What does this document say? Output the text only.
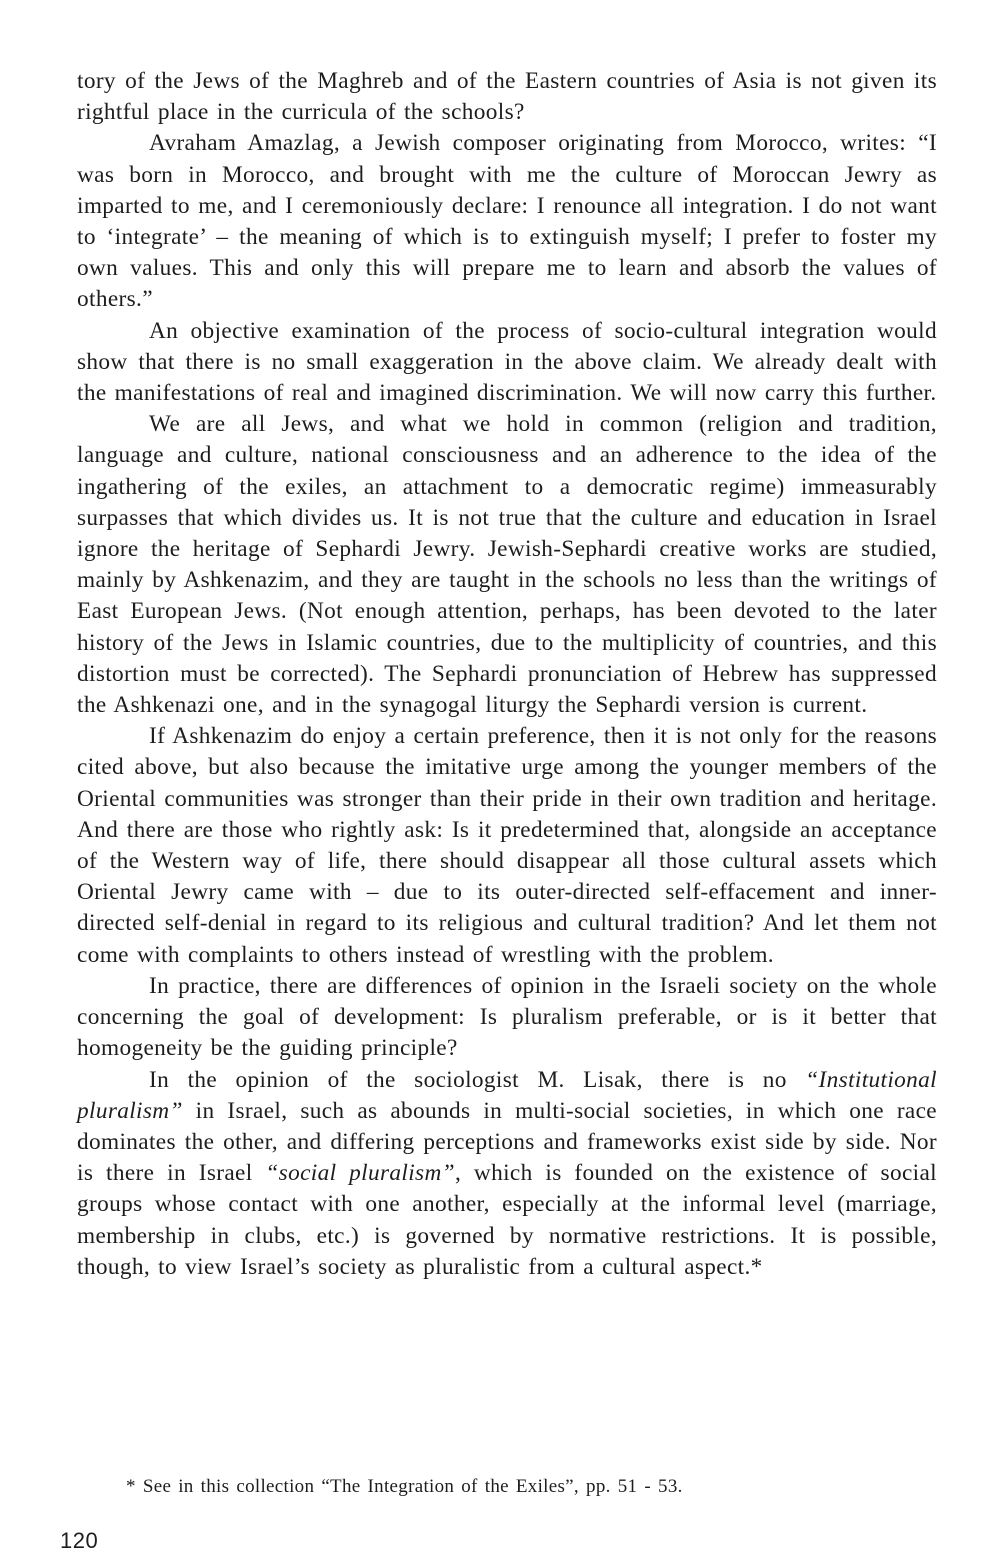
tory of the Jews of the Maghreb and of the Eastern countries of Asia is not given its rightful place in the curricula of the schools?

Avraham Amazlag, a Jewish composer originating from Morocco, writes: “I was born in Morocco, and brought with me the culture of Moroccan Jewry as imparted to me, and I ceremoniously declare: I renounce all integration. I do not want to ‘integrate’ – the meaning of which is to extinguish myself; I prefer to foster my own values. This and only this will prepare me to learn and absorb the values of others.”

An objective examination of the process of socio-cultural integration would show that there is no small exaggeration in the above claim. We already dealt with the manifestations of real and imagined discrimination. We will now carry this further.

We are all Jews, and what we hold in common (religion and tradition, language and culture, national consciousness and an adherence to the idea of the ingathering of the exiles, an attachment to a democratic regime) immeasurably surpasses that which divides us. It is not true that the culture and education in Israel ignore the heritage of Sephardi Jewry. Jewish-Sephardi creative works are studied, mainly by Ashkenazim, and they are taught in the schools no less than the writings of East European Jews. (Not enough attention, perhaps, has been devoted to the later history of the Jews in Islamic countries, due to the multiplicity of countries, and this distortion must be corrected). The Sephardi pronunciation of Hebrew has suppressed the Ashkenazi one, and in the synagogal liturgy the Sephardi version is current.

If Ashkenazim do enjoy a certain preference, then it is not only for the reasons cited above, but also because the imitative urge among the younger members of the Oriental communities was stronger than their pride in their own tradition and heritage. And there are those who rightly ask: Is it predetermined that, alongside an acceptance of the Western way of life, there should disappear all those cultural assets which Oriental Jewry came with – due to its outer-directed self-effacement and inner-directed self-denial in regard to its religious and cultural tradition? And let them not come with complaints to others instead of wrestling with the problem.

In practice, there are differences of opinion in the Israeli society on the whole concerning the goal of development: Is pluralism preferable, or is it better that homogeneity be the guiding principle?

In the opinion of the sociologist M. Lisak, there is no “Institutional pluralism” in Israel, such as abounds in multi-social societies, in which one race dominates the other, and differing perceptions and frameworks exist side by side. Nor is there in Israel “social pluralism”, which is founded on the existence of social groups whose contact with one another, especially at the informal level (marriage, membership in clubs, etc.) is governed by normative restrictions. It is possible, though, to view Israel’s society as pluralistic from a cultural aspect.*

* See in this collection “The Integration of the Exiles”, pp. 51 - 53.
120
